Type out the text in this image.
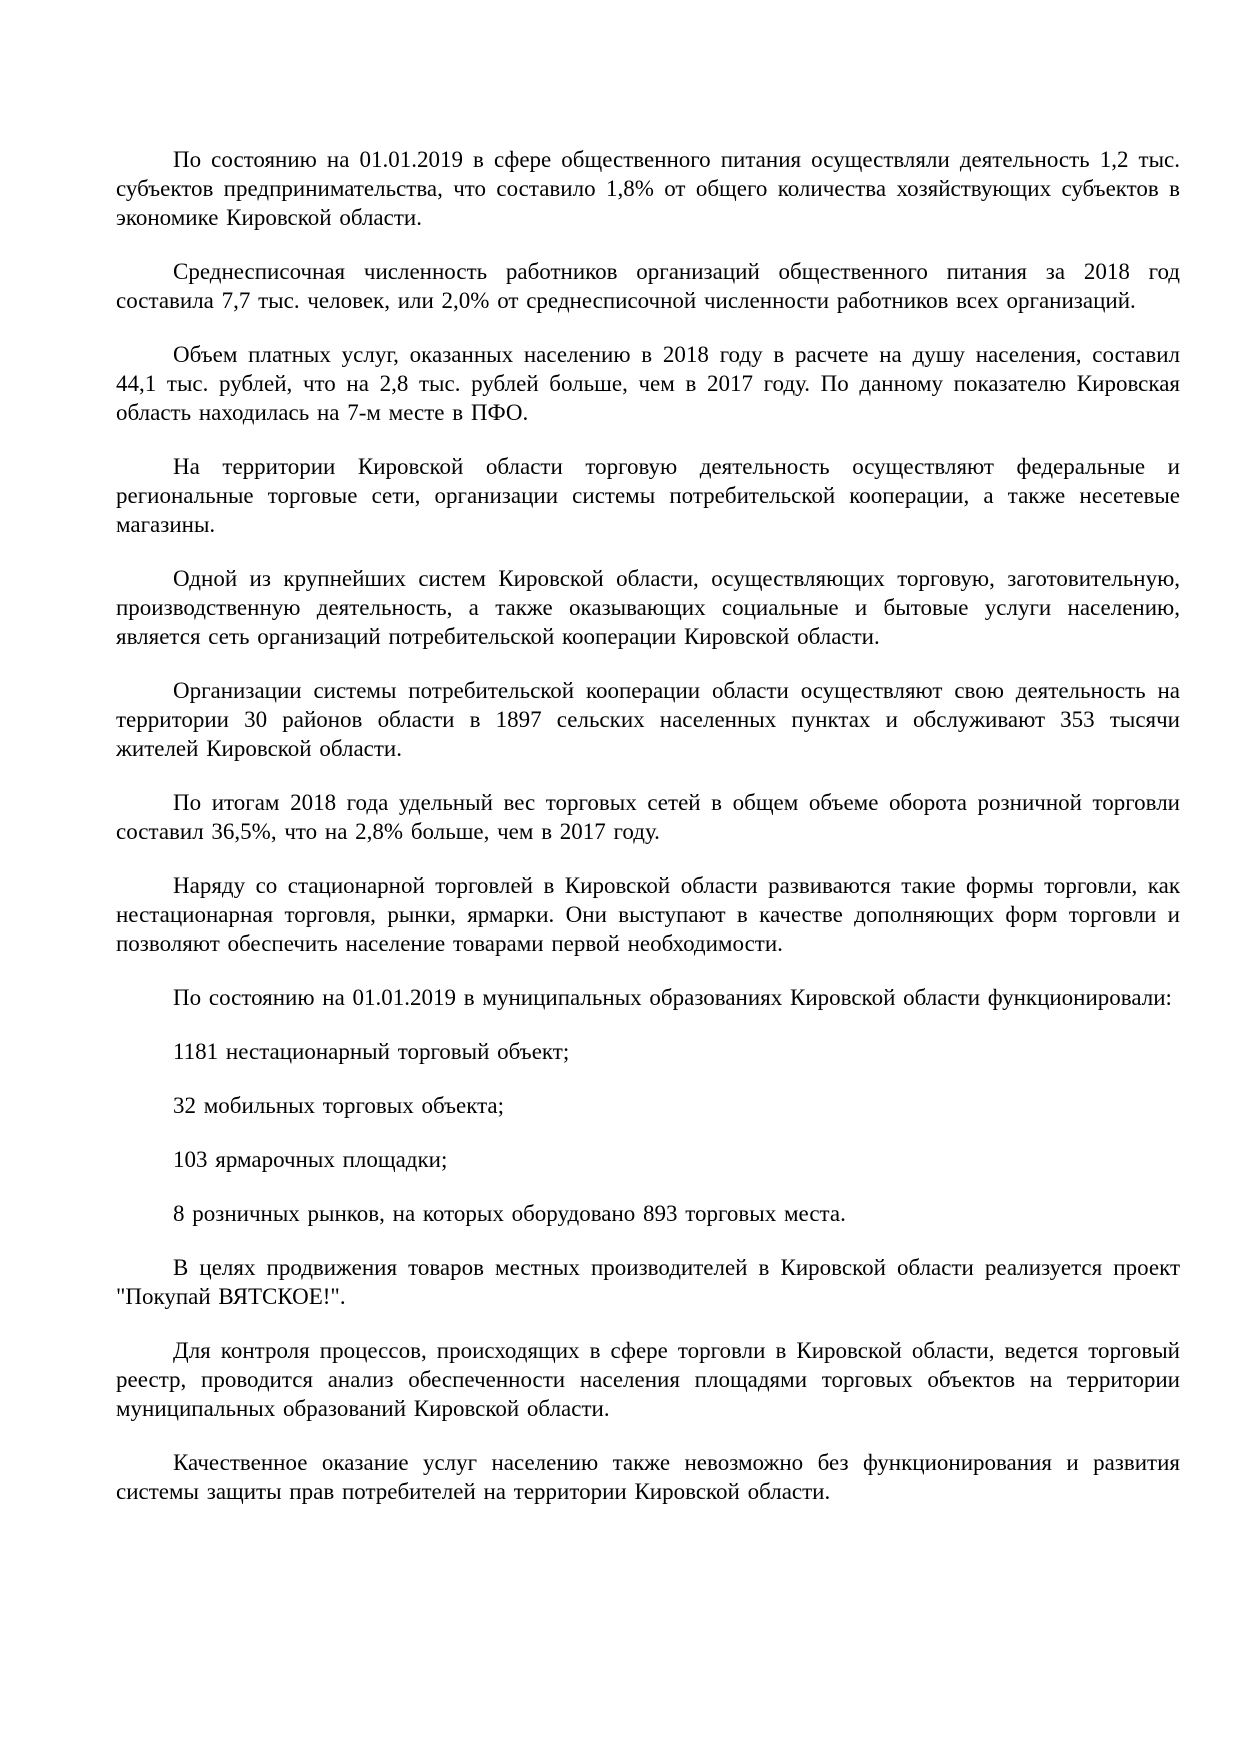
По состоянию на 01.01.2019 в сфере общественного питания осуществляли деятельность 1,2 тыс. субъектов предпринимательства, что составило 1,8% от общего количества хозяйствующих субъектов в экономике Кировской области.

Среднесписочная численность работников организаций общественного питания за 2018 год составила 7,7 тыс. человек, или 2,0% от среднесписочной численности работников всех организаций.

Объем платных услуг, оказанных населению в 2018 году в расчете на душу населения, составил 44,1 тыс. рублей, что на 2,8 тыс. рублей больше, чем в 2017 году. По данному показателю Кировская область находилась на 7-м месте в ПФО.

На территории Кировской области торговую деятельность осуществляют федеральные и региональные торговые сети, организации системы потребительской кооперации, а также несетевые магазины.

Одной из крупнейших систем Кировской области, осуществляющих торговую, заготовительную, производственную деятельность, а также оказывающих социальные и бытовые услуги населению, является сеть организаций потребительской кооперации Кировской области.

Организации системы потребительской кооперации области осуществляют свою деятельность на территории 30 районов области в 1897 сельских населенных пунктах и обслуживают 353 тысячи жителей Кировской области.

По итогам 2018 года удельный вес торговых сетей в общем объеме оборота розничной торговли составил 36,5%, что на 2,8% больше, чем в 2017 году.

Наряду со стационарной торговлей в Кировской области развиваются такие формы торговли, как нестационарная торговля, рынки, ярмарки. Они выступают в качестве дополняющих форм торговли и позволяют обеспечить население товарами первой необходимости.

По состоянию на 01.01.2019 в муниципальных образованиях Кировской области функционировали:

1181 нестационарный торговый объект;

32 мобильных торговых объекта;

103 ярмарочных площадки;

8 розничных рынков, на которых оборудовано 893 торговых места.

В целях продвижения товаров местных производителей в Кировской области реализуется проект "Покупай ВЯТСКОЕ!".

Для контроля процессов, происходящих в сфере торговли в Кировской области, ведется торговый реестр, проводится анализ обеспеченности населения площадями торговых объектов на территории муниципальных образований Кировской области.

Качественное оказание услуг населению также невозможно без функционирования и развития системы защиты прав потребителей на территории Кировской области.
